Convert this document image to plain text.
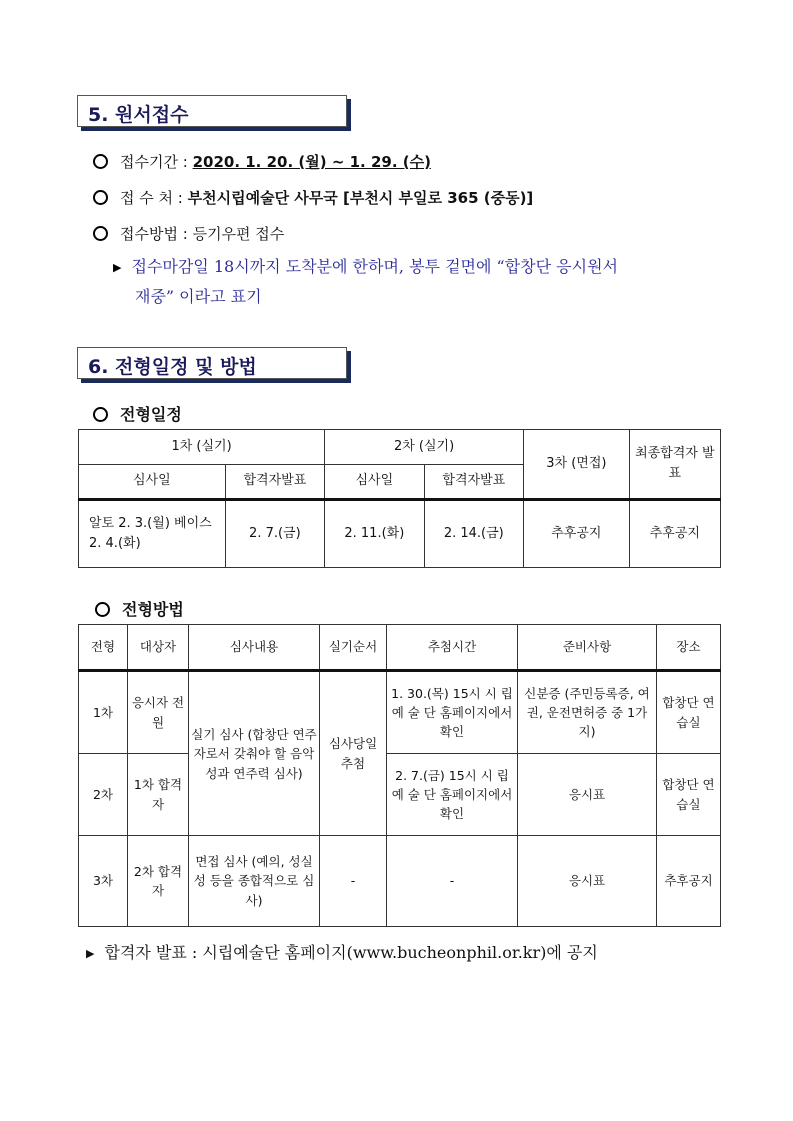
5. 원서접수
접수기간 : 2020. 1. 20. (월) ~ 1. 29. (수)
접 수 처 : 부천시립예술단 사무국 [부천시 부일로 365 (중동)]
접수방법 : 등기우편 접수
▶ 접수마감일 18시까지 도착분에 한하며, 봉투 겉면에 “합창단 응시원서
재중” 이라고 표기
6. 전형일정 및 방법
전형일정
1차 (실기)		2차 (실기)		3차 (면접)	최종합격자 발표
심사일	합격자발표	심사일	합격자발표		
알토 2. 3.(월) 베이스 2. 4.(화)	2. 7.(금)	2. 11.(화)	2. 14.(금)	추후공지	추후공지
전형방법
전형	대상자	심사내용	실기순서	추첨시간	준비사항	장소
1차	응시자 전원	실기 심사 (합창단 연주자로서 갖춰야 할 음악성과 연주력 심사)	심사당일 추첨	1. 30.(목) 15시 시 립 예 술 단 홈페이지에서 확인	신분증 (주민등록증, 여권, 운전면허증 중 1가지)	합창단 연습실
2차	1차 합격자			2. 7.(금) 15시 시 립 예 술 단 홈페이지에서 확인	응시표	합창단 연습실
3차	2차 합격자	면접 심사 (예의, 성실성 등을 종합적으로 심사)	-	-	응시표	추후공지
▶ 합격자 발표 : 시립예술단 홈페이지(www.bucheonphil.or.kr)에 공지
